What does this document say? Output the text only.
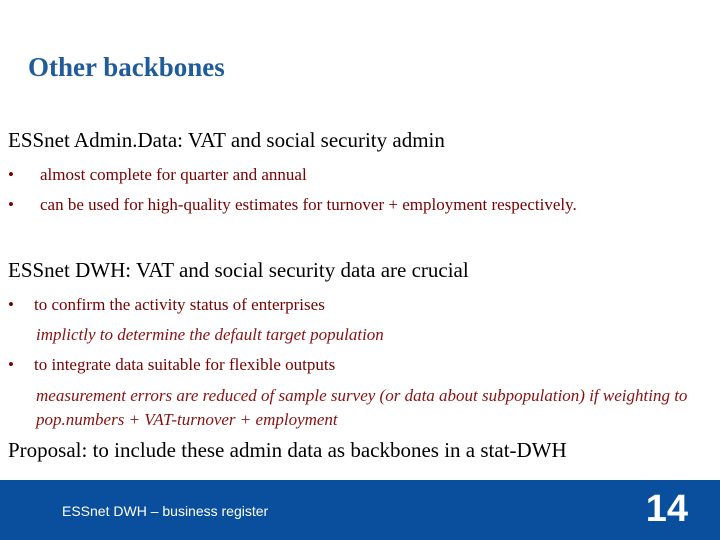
Other backbones

ESSnet Admin.Data: VAT and social security admin

•	almost complete for quarter and annual
•	can be used for high-quality estimates for turnover + employment respectively.

ESSnet DWH: VAT and social security data are crucial

•	to confirm the activity status of enterprises

implictly to determine the default target population

•	to integrate data suitable for flexible outputs

measurement errors are reduced of sample survey (or data about subpopulation) if weighting to pop.numbers + VAT-turnover + employment

Proposal: to include these admin data as backbones in a stat-DWH

ESSnet DWH – business register	14
